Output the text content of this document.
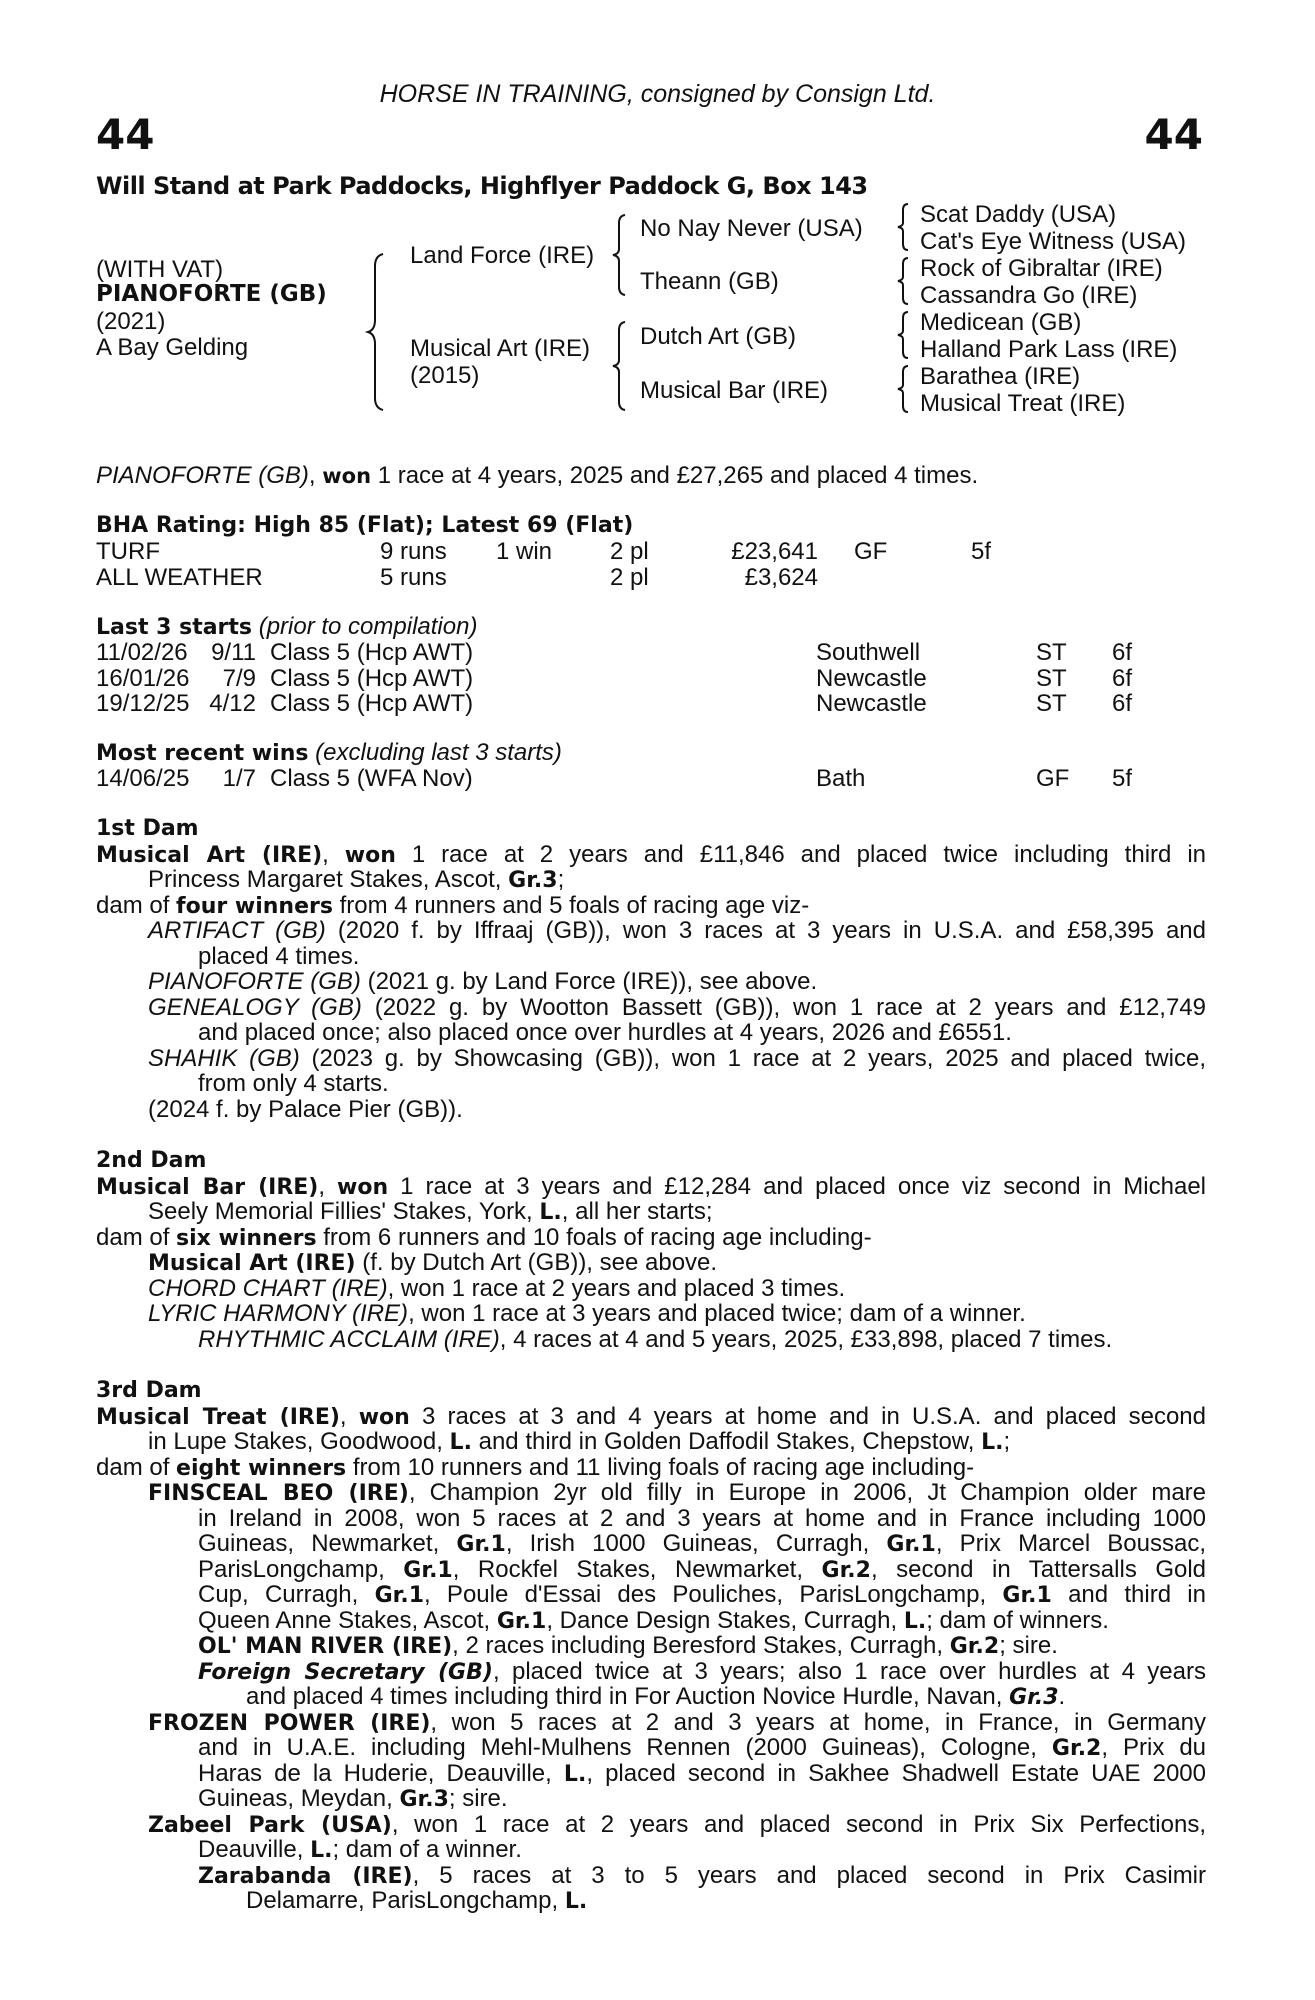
HORSE IN TRAINING, consigned by Consign Ltd.
44	44
Will Stand at Park Paddocks, Highflyer Paddock G, Box 143
(WITH VAT)
PIANOFORTE (GB)
(2021)
A Bay Gelding
Land Force (IRE)
Musical Art (IRE)
(2015)
No Nay Never (USA)
Theann (GB)
Dutch Art (GB)
Musical Bar (IRE)
Scat Daddy (USA)
Cat's Eye Witness (USA)
Rock of Gibraltar (IRE)
Cassandra Go (IRE)
Medicean (GB)
Halland Park Lass (IRE)
Barathea (IRE)
Musical Treat (IRE)
PIANOFORTE (GB), won 1 race at 4 years, 2025 and £27,265 and placed 4 times.
BHA Rating: High 85 (Flat); Latest 69 (Flat)
TURF	9 runs 1 win 2 pl	£23,641 GF	5f
ALL WEATHER	5 runs	2 pl	£3,624
Last 3 starts (prior to compilation)
11/02/26 9/11 Class 5 (Hcp AWT)	Southwell	ST 6f
16/01/26	7/9 Class 5 (Hcp AWT)	Newcastle	ST 6f
19/12/25 4/12 Class 5 (Hcp AWT)	Newcastle	ST 6f
Most recent wins (excluding last 3 starts)
14/06/25	1/7 Class 5 (WFA Nov)	Bath	GF 5f
1st Dam
Musical Art (IRE), won 1 race at 2 years and £11,846 and placed twice including third in
Princess Margaret Stakes, Ascot, Gr.3;
dam of four winners from 4 runners and 5 foals of racing age viz-
ARTIFACT (GB) (2020 f. by Iffraaj (GB)), won 3 races at 3 years in U.S.A. and £58,395 and
placed 4 times.
PIANOFORTE (GB) (2021 g. by Land Force (IRE)), see above.
GENEALOGY (GB) (2022 g. by Wootton Bassett (GB)), won 1 race at 2 years and £12,749
and placed once; also placed once over hurdles at 4 years, 2026 and £6551.
SHAHIK (GB) (2023 g. by Showcasing (GB)), won 1 race at 2 years, 2025 and placed twice,
from only 4 starts.
(2024 f. by Palace Pier (GB)).
2nd Dam
Musical Bar (IRE), won 1 race at 3 years and £12,284 and placed once viz second in Michael
Seely Memorial Fillies' Stakes, York, L., all her starts;
dam of six winners from 6 runners and 10 foals of racing age including-
Musical Art (IRE) (f. by Dutch Art (GB)), see above.
CHORD CHART (IRE), won 1 race at 2 years and placed 3 times.
LYRIC HARMONY (IRE), won 1 race at 3 years and placed twice; dam of a winner.
RHYTHMIC ACCLAIM (IRE), 4 races at 4 and 5 years, 2025, £33,898, placed 7 times.
3rd Dam
Musical Treat (IRE), won 3 races at 3 and 4 years at home and in U.S.A. and placed second
in Lupe Stakes, Goodwood, L. and third in Golden Daffodil Stakes, Chepstow, L.;
dam of eight winners from 10 runners and 11 living foals of racing age including-
FINSCEAL BEO (IRE), Champion 2yr old filly in Europe in 2006, Jt Champion older mare
in Ireland in 2008, won 5 races at 2 and 3 years at home and in France including 1000
Guineas, Newmarket, Gr.1, Irish 1000 Guineas, Curragh, Gr.1, Prix Marcel Boussac,
ParisLongchamp, Gr.1, Rockfel Stakes, Newmarket, Gr.2, second in Tattersalls Gold
Cup, Curragh, Gr.1, Poule d'Essai des Pouliches, ParisLongchamp, Gr.1 and third in
Queen Anne Stakes, Ascot, Gr.1, Dance Design Stakes, Curragh, L.; dam of winners.
OL' MAN RIVER (IRE), 2 races including Beresford Stakes, Curragh, Gr.2; sire.
Foreign Secretary (GB), placed twice at 3 years; also 1 race over hurdles at 4 years
and placed 4 times including third in For Auction Novice Hurdle, Navan, Gr.3.
FROZEN POWER (IRE), won 5 races at 2 and 3 years at home, in France, in Germany
and in U.A.E. including Mehl-Mulhens Rennen (2000 Guineas), Cologne, Gr.2, Prix du
Haras de la Huderie, Deauville, L., placed second in Sakhee Shadwell Estate UAE 2000
Guineas, Meydan, Gr.3; sire.
Zabeel Park (USA), won 1 race at 2 years and placed second in Prix Six Perfections,
Deauville, L.; dam of a winner.
Zarabanda (IRE), 5 races at 3 to 5 years and placed second in Prix Casimir
Delamarre, ParisLongchamp, L.
